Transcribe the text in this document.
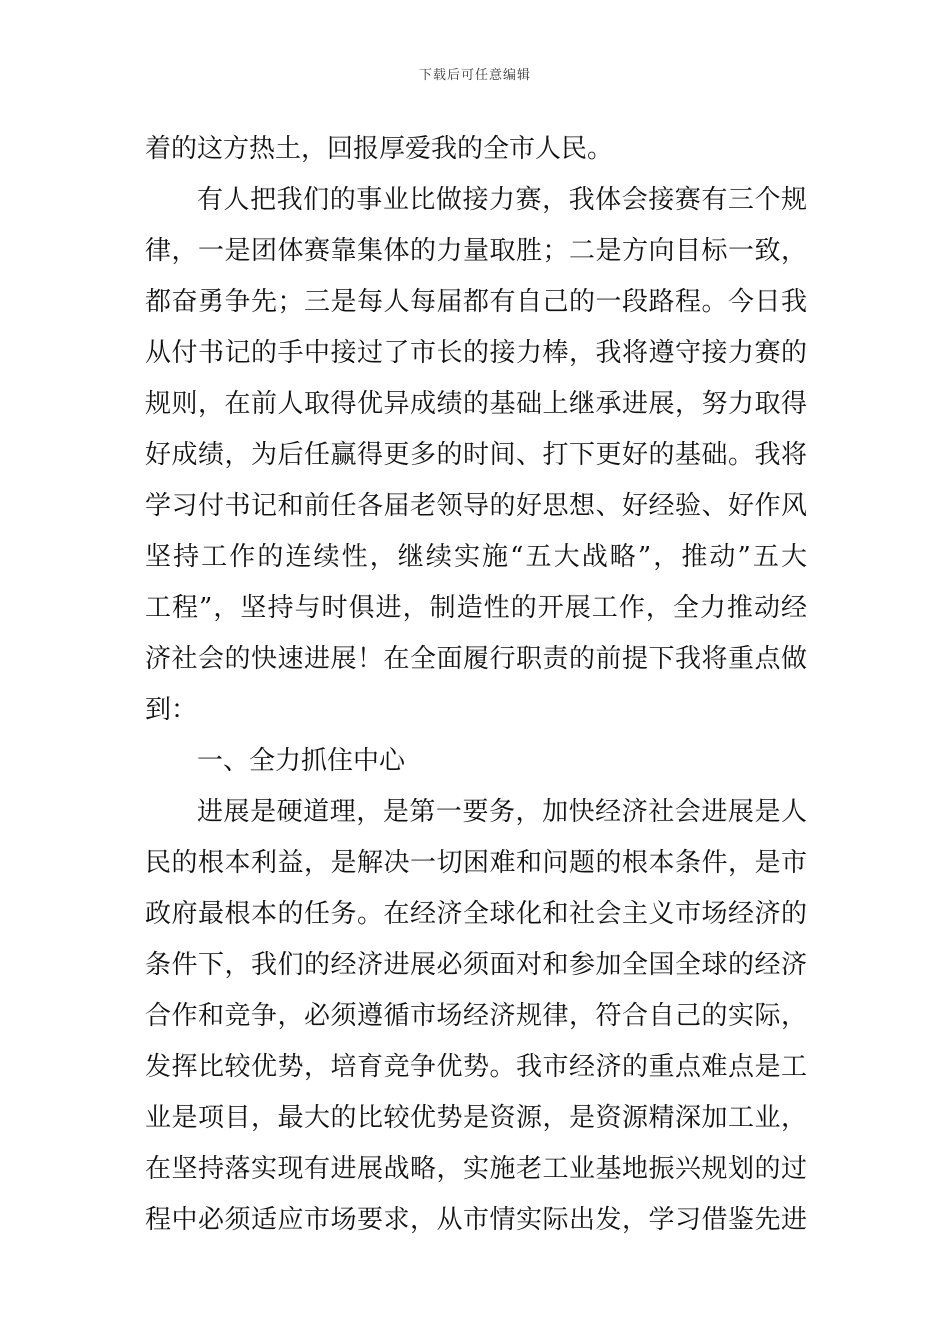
下载后可任意编辑
着的这方热土，回报厚爱我的全市人民。
有人把我们的事业比做接力赛，我体会接赛有三个规
律，一是团体赛靠集体的力量取胜；二是方向目标一致，
都奋勇争先；三是每人每届都有自己的一段路程。今日我
从付书记的手中接过了市长的接力棒，我将遵守接力赛的
规则，在前人取得优异成绩的基础上继承进展，努力取得
好成绩，为后任赢得更多的时间、打下更好的基础。我将
学习付书记和前任各届老领导的好思想、好经验、好作风
坚持工作的连续性，继续实施“五大战略”，推动”五大
工程”，坚持与时俱进，制造性的开展工作，全力推动经
济社会的快速进展！在全面履行职责的前提下我将重点做
到：
一、全力抓住中心
进展是硬道理，是第一要务，加快经济社会进展是人
民的根本利益，是解决一切困难和问题的根本条件，是市
政府最根本的任务。在经济全球化和社会主义市场经济的
条件下，我们的经济进展必须面对和参加全国全球的经济
合作和竞争，必须遵循市场经济规律，符合自己的实际，
发挥比较优势，培育竞争优势。我市经济的重点难点是工
业是项目，最大的比较优势是资源，是资源精深加工业，
在坚持落实现有进展战略，实施老工业基地振兴规划的过
程中必须适应市场要求，从市情实际出发，学习借鉴先进
